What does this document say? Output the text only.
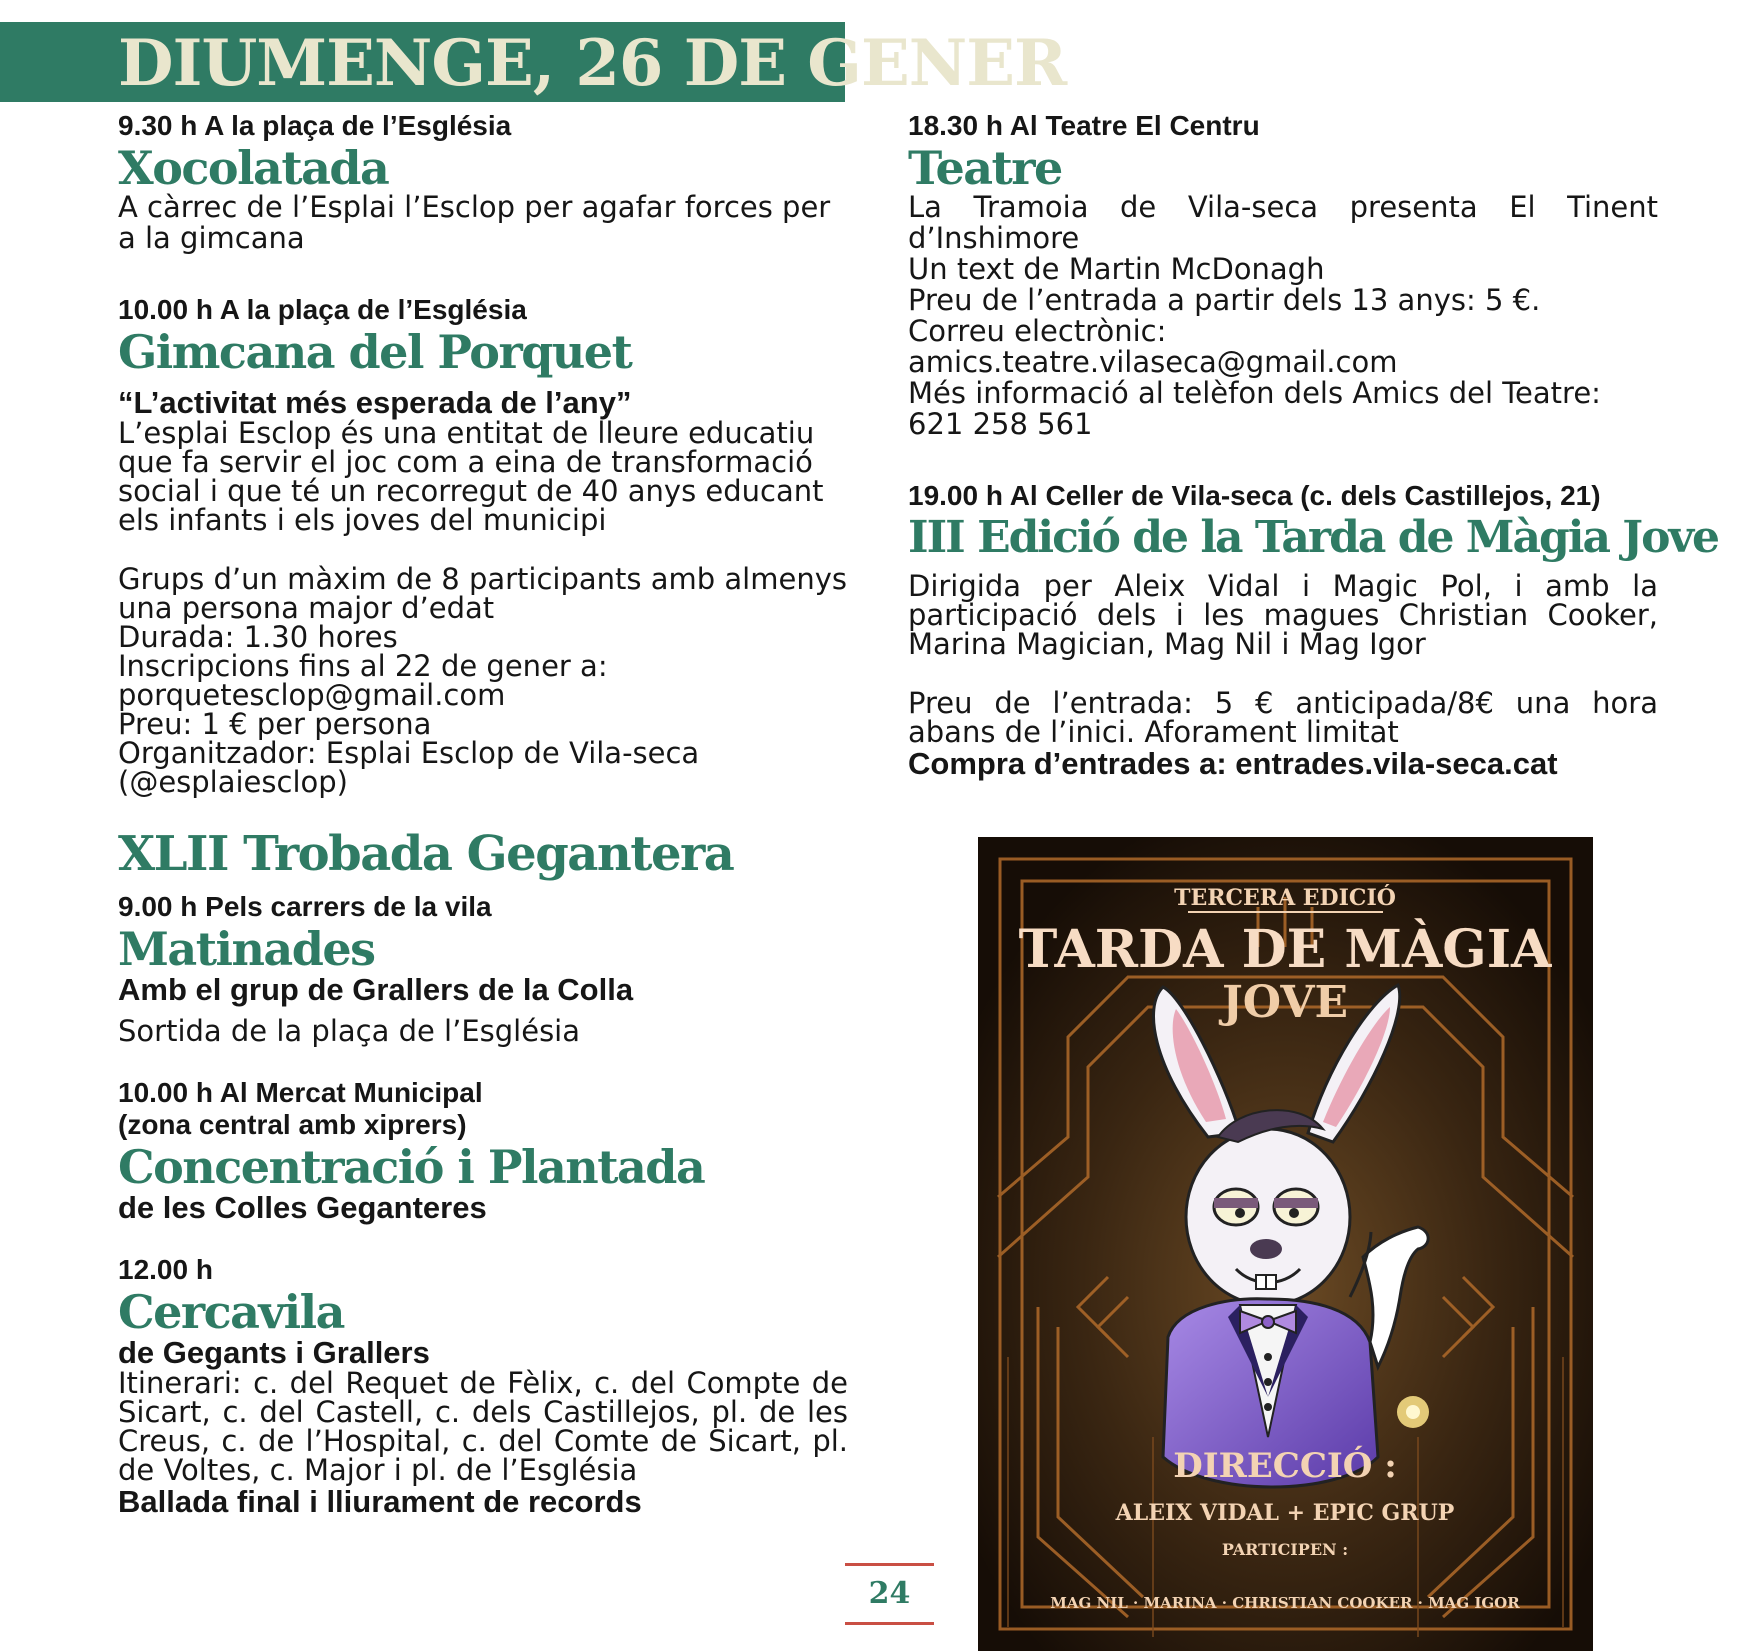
DIUMENGE, 26 DE GENER
9.30 h A la plaça de l’Església
Xocolatada
A càrrec de l’Esplai l’Esclop per agafar forces per a la gimcana
10.00 h A la plaça de l’Església
Gimcana del Porquet
“L’activitat més esperada de l’any”
L’esplai Esclop és una entitat de lleure educatiu que fa servir el joc com a eina de transformació social i que té un recorregut de 40 anys educant els infants i els joves del municipi
Grups d’un màxim de 8 participants amb almenys una persona major d’edat
Durada: 1.30 hores
Inscripcions fins al 22 de gener a:
porquetesclop@gmail.com
Preu: 1 € per persona
Organitzador: Esplai Esclop de Vila-seca
(@esplaiesclop)
XLII Trobada Gegantera
9.00 h Pels carrers de la vila
Matinades
Amb el grup de Grallers de la Colla
Sortida de la plaça de l’Església
10.00 h Al Mercat Municipal
(zona central amb xiprers)
Concentració i Plantada
de les Colles Geganteres
12.00 h
Cercavila
de Gegants i Grallers
Itinerari: c. del Requet de Fèlix, c. del Compte de Sicart, c. del Castell, c. dels Castillejos, pl. de les Creus, c. de l’Hospital, c. del Comte de Sicart, pl. de Voltes, c. Major i pl. de l’Església
Ballada final i lliurament de records
18.30 h Al Teatre El Centru
Teatre
La Tramoia de Vila-seca presenta El Tinent d’Inshimore
Un text de Martin McDonagh
Preu de l’entrada a partir dels 13 anys: 5 €.
Correu electrònic:
amics.teatre.vilaseca@gmail.com
Més informació al telèfon dels Amics del Teatre:
621 258 561
19.00 h Al Celler de Vila-seca (c. dels Castillejos, 21)
III Edició de la Tarda de Màgia Jove
Dirigida per Aleix Vidal i Magic Pol, i amb la participació dels i les magues Christian Cooker, Marina Magician, Mag Nil i Mag Igor
Preu de l’entrada: 5 € anticipada/8€ una hora abans de l’inici. Aforament limitat
Compra d’entrades a: entrades.vila-seca.cat
TERCERA EDICIÓ
TARDA DE MÀGIA
JOVE
DIRECCIÓ :
ALEIX VIDAL + EPIC GRUP
PARTICIPEN :
MAG NIL · MARINA · CHRISTIAN COOKER · MAG IGOR
24
